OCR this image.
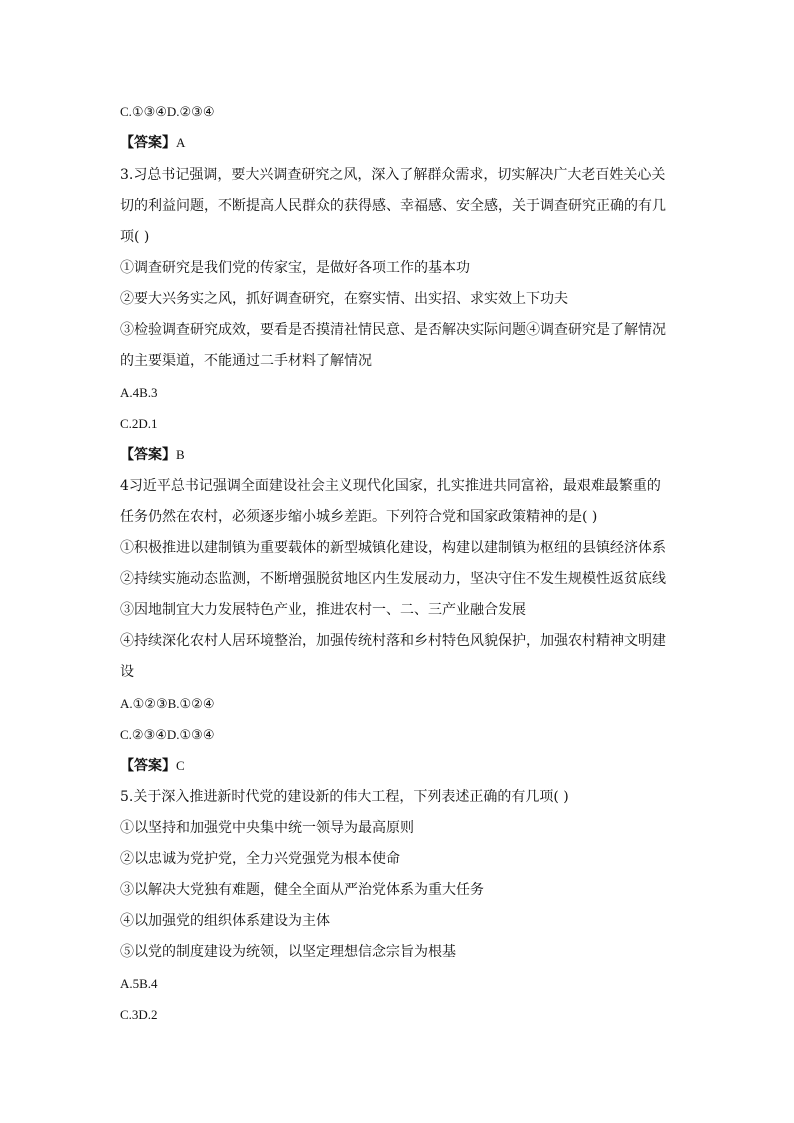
C.①③④D.②③④
【答案】A
3.习总书记强调，要大兴调查研究之风，深入了解群众需求，切实解决广大老百姓关心关
切的利益问题，不断提高人民群众的获得感、幸福感、安全感，关于调查研究正确的有几
项( )
①调查研究是我们党的传家宝，是做好各项工作的基本功
②要大兴务实之风，抓好调查研究，在察实情、出实招、求实效上下功夫
③检验调查研究成效，要看是否摸清社情民意、是否解决实际问题④调查研究是了解情况
的主要渠道，不能通过二手材料了解情况
A.4B.3
C.2D.1
【答案】B
4习近平总书记强调全面建设社会主义现代化国家，扎实推进共同富裕，最艰难最繁重的
任务仍然在农村，必须逐步缩小城乡差距。下列符合党和国家政策精神的是( )
①积极推进以建制镇为重要载体的新型城镇化建设，构建以建制镇为枢纽的县镇经济体系
②持续实施动态监测，不断增强脱贫地区内生发展动力，坚决守住不发生规模性返贫底线
③因地制宜大力发展特色产业，推进农村一、二、三产业融合发展
④持续深化农村人居环境整治，加强传统村落和乡村特色风貌保护，加强农村精神文明建
设
A.①②③B.①②④
C.②③④D.①③④
【答案】C
5.关于深入推进新时代党的建设新的伟大工程，下列表述正确的有几项( )
①以坚持和加强党中央集中统一领导为最高原则
②以忠诚为党护党，全力兴党强党为根本使命
③以解决大党独有难题，健全全面从严治党体系为重大任务
④以加强党的组织体系建设为主体
⑤以党的制度建设为统领，以坚定理想信念宗旨为根基
A.5B.4
C.3D.2
